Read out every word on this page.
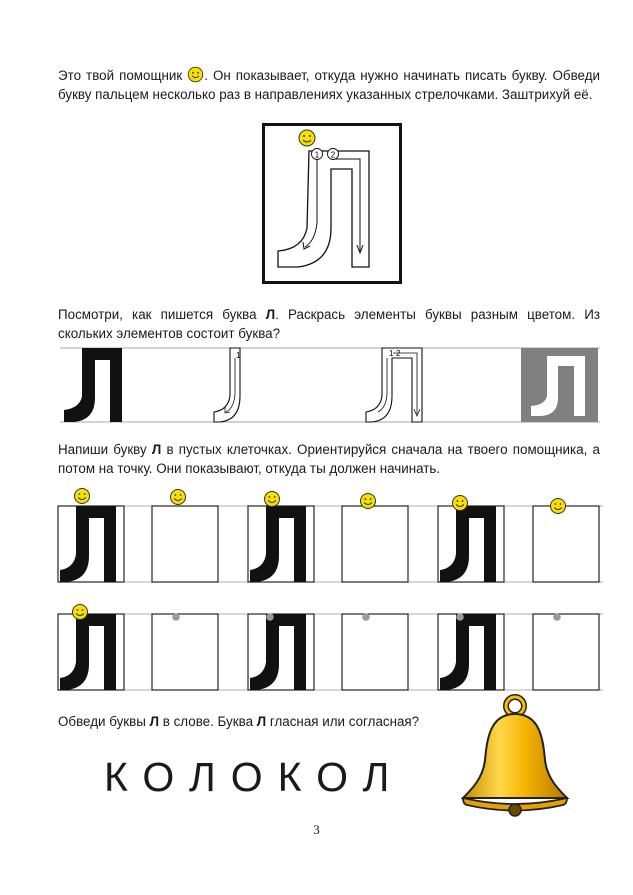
Это твой помощник . Он показывает, откуда нужно начинать писать букву. Обведи букву пальцем несколько раз в направлениях указанных стрелочками. Заштрихуй её.

1 2

Посмотри, как пишется буква Л. Раскрась элементы буквы разным цветом. Из скольких элементов состоит буква?

1	1 2

Напиши букву Л в пустых клеточках. Ориентируйся сначала на твоего помощника, а потом на точку. Они показывают, откуда ты должен начинать.

Обведи буквы Л в слове. Буква Л гласная или согласная?

КОЛОКОЛ
3
